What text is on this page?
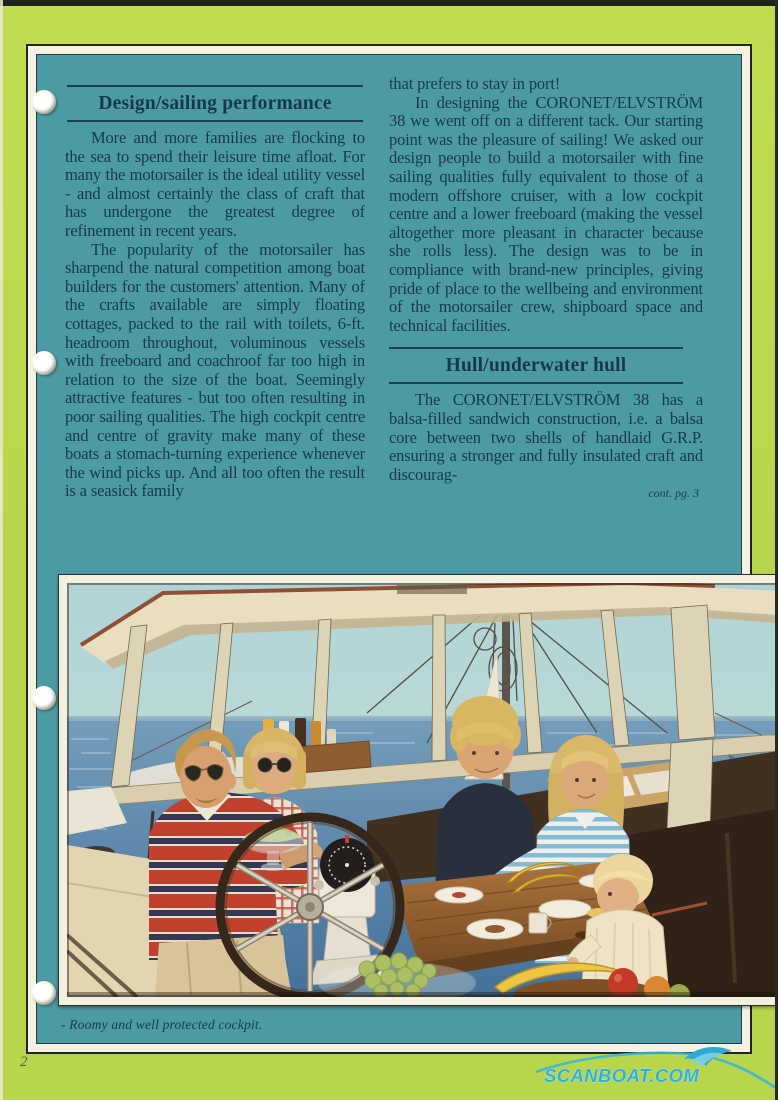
Design/sailing performance

More and more families are flocking to the sea to spend their leisure time afloat. For many the motorsailer is the ideal utility vessel - and almost certainly the class of craft that has undergone the greatest degree of refinement in recent years.

The popularity of the motorsailer has sharpend the natural competition among boat builders for the customers' attention. Many of the crafts available are simply floating cottages, packed to the rail with toilets, 6-ft. headroom throughout, voluminous vessels with freeboard and coachroof far too high in relation to the size of the boat. Seemingly attractive features - but too often resulting in poor sailing qualities. The high cockpit centre and centre of gravity make many of these boats a stomach-turning experience whenever the wind picks up. And all too often the result is a seasick family

that prefers to stay in port!

In designing the CORONET/ELVSTRÖM 38 we went off on a different tack. Our starting point was the pleasure of sailing! We asked our design people to build a motorsailer with fine sailing qualities fully equivalent to those of a modern offshore cruiser, with a low cockpit centre and a lower freeboard (making the vessel altogether more pleasant in character because she rolls less). The design was to be in compliance with brand-new principles, giving pride of place to the wellbeing and environment of the motorsailer crew, shipboard space and technical facilities.

Hull/underwater hull

The CORONET/ELVSTRÖM 38 has a balsa-filled sandwich construction, i.e. a balsa core between two shells of handlaid G.R.P. ensuring a stronger and fully insulated craft and discourag-

cont. pg. 3
- Roomy and well protected cockpit.
2
SCANBOAT.COM
